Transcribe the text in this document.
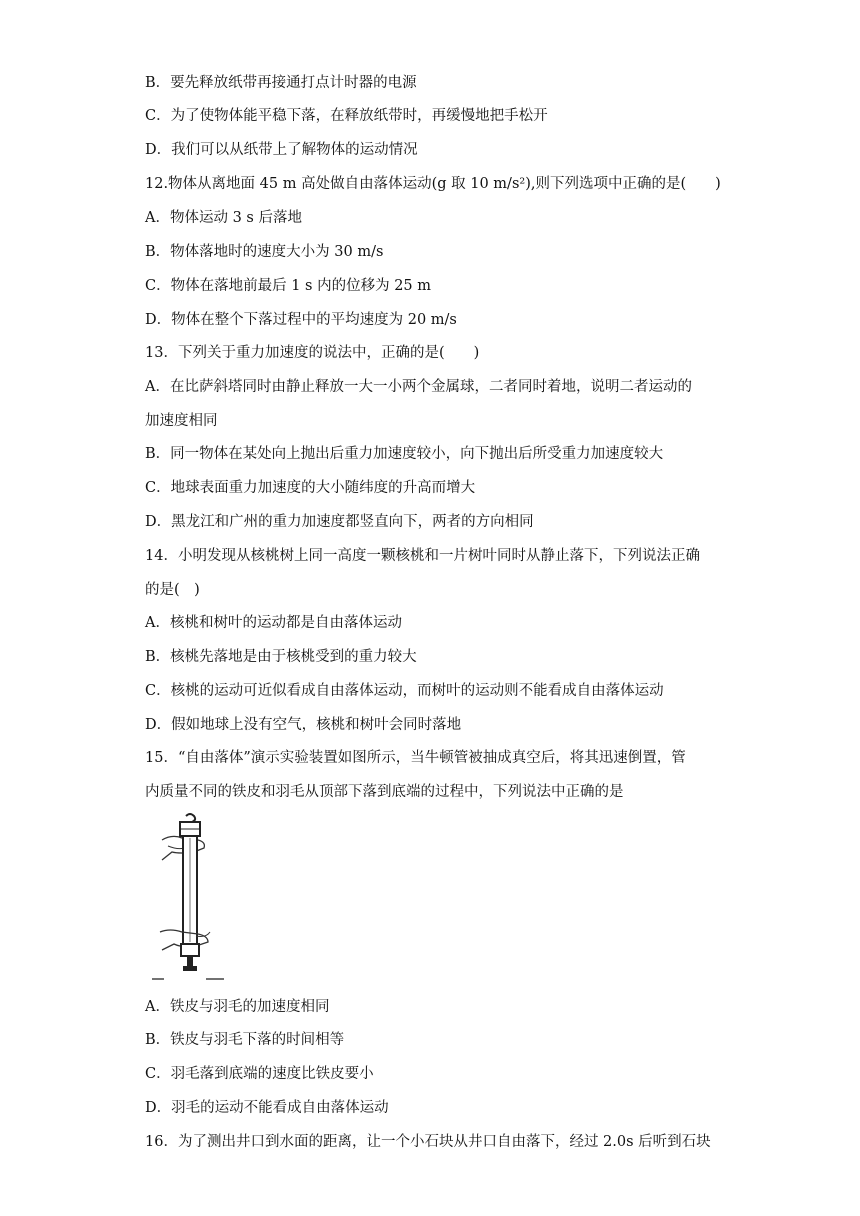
B．要先释放纸带再接通打点计时器的电源
C．为了使物体能平稳下落，在释放纸带时，再缓慢地把手松开
D．我们可以从纸带上了解物体的运动情况
12.物体从离地面 45 m 高处做自由落体运动(g 取 10 m/s²),则下列选项中正确的是(　　)
A．物体运动 3 s 后落地
B．物体落地时的速度大小为 30 m/s
C．物体在落地前最后 1 s 内的位移为 25 m
D．物体在整个下落过程中的平均速度为 20 m/s
13．下列关于重力加速度的说法中，正确的是(　　)
A．在比萨斜塔同时由静止释放一大一小两个金属球，二者同时着地，说明二者运动的
加速度相同
B．同一物体在某处向上抛出后重力加速度较小，向下抛出后所受重力加速度较大
C．地球表面重力加速度的大小随纬度的升高而增大
D．黑龙江和广州的重力加速度都竖直向下，两者的方向相同
14．小明发现从核桃树上同一高度一颗核桃和一片树叶同时从静止落下，下列说法正确
的是(　)
A．核桃和树叶的运动都是自由落体运动
B．核桃先落地是由于核桃受到的重力较大
C．核桃的运动可近似看成自由落体运动，而树叶的运动则不能看成自由落体运动
D．假如地球上没有空气，核桃和树叶会同时落地
15．“自由落体”演示实验装置如图所示，当牛顿管被抽成真空后，将其迅速倒置，管
内质量不同的铁皮和羽毛从顶部下落到底端的过程中，下列说法中正确的是
A．铁皮与羽毛的加速度相同
B．铁皮与羽毛下落的时间相等
C．羽毛落到底端的速度比铁皮要小
D．羽毛的运动不能看成自由落体运动
16．为了测出井口到水面的距离，让一个小石块从井口自由落下，经过 2.0s 后听到石块
